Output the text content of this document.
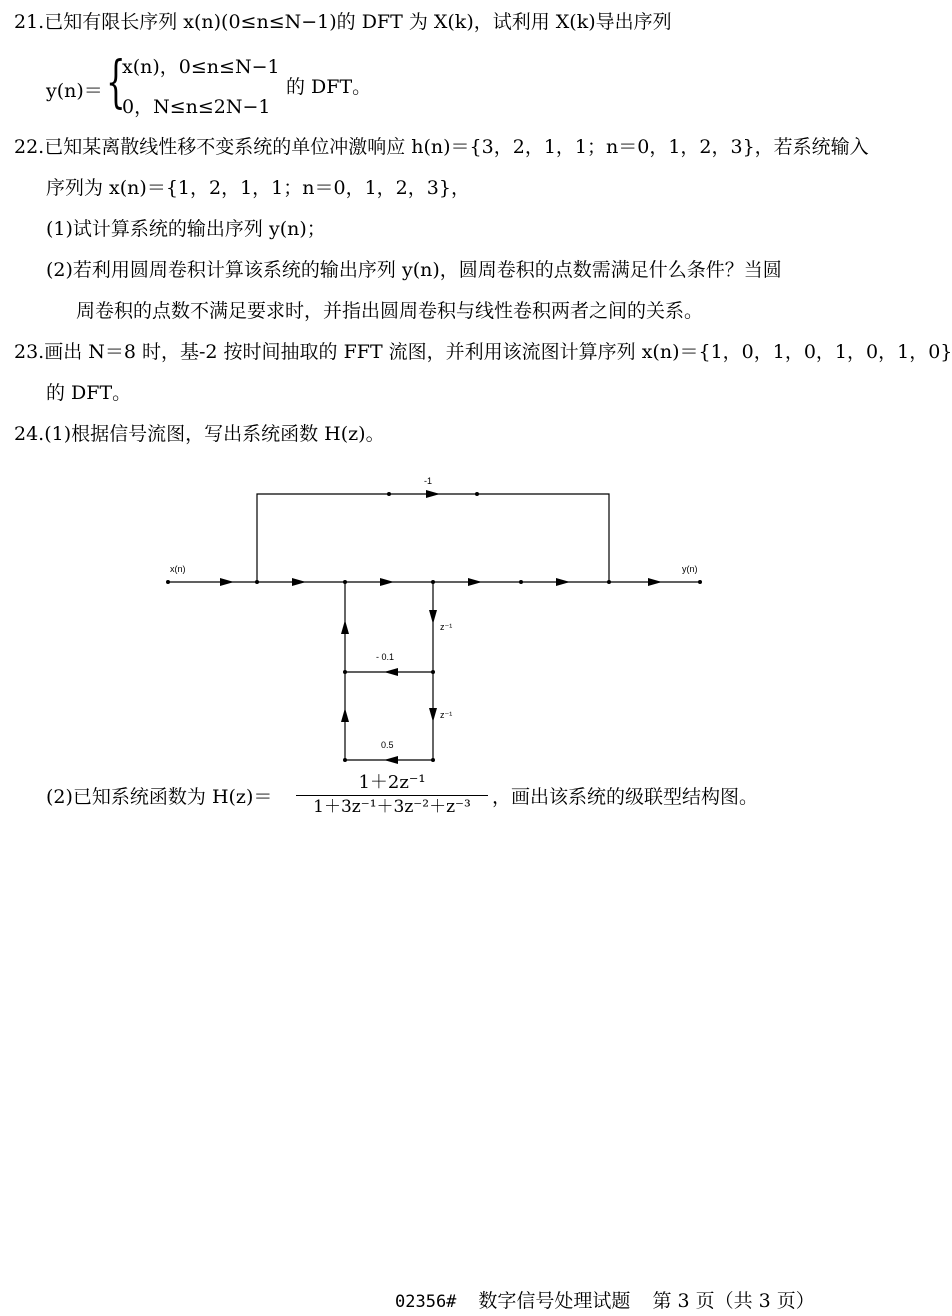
21.已知有限长序列 x(n)(0≤n≤N−1)的 DFT 为 X(k)，试利用 X(k)导出序列
y(n)＝ {
x(n)，0≤n≤N−1
0，N≤n≤2N−1
的 DFT。
22.已知某离散线性移不变系统的单位冲激响应 h(n)＝{3，2，1，1；n＝0，1，2，3}，若系统输入
序列为 x(n)＝{1，2，1，1；n＝0，1，2，3}，
(1)试计算系统的输出序列 y(n)；
(2)若利用圆周卷积计算该系统的输出序列 y(n)，圆周卷积的点数需满足什么条件？当圆
周卷积的点数不满足要求时，并指出圆周卷积与线性卷积两者之间的关系。
23.画出 N＝8 时，基-2 按时间抽取的 FFT 流图，并利用该流图计算序列 x(n)＝{1，0，1，0，1，0，1，0}
的 DFT。
24.(1)根据信号流图，写出系统函数 H(z)。
x(n)	y(n)
-1
z⁻¹
z⁻¹
- 0.1
0.5
(2)已知系统函数为 $H(z)= \frac{\text{1＋2z⁻¹}}{\text{1＋3z⁻¹＋3z⁻²＋z⁻³}}$ ，画出该系统的级联型结构图。
02356# 数字信号处理试题 第 3 页（共 3 页）
